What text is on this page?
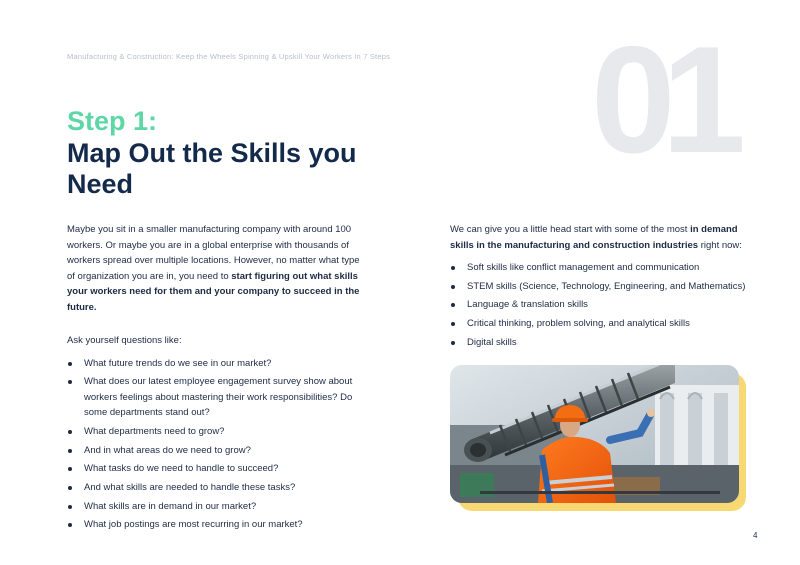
Manufacturing & Construction: Keep the Wheels Spinning & Upskill Your Workers In 7 Steps 01
Step 1:
Map Out the Skills you Need

Maybe you sit in a smaller manufacturing company with around 100 workers. Or maybe you are in a global enterprise with thousands of workers spread over multiple locations. However, no matter what type of organization you are in, you need to start figuring out what skills your workers need for them and your company to succeed in the future.

Ask yourself questions like:

What future trends do we see in our market?
What does our latest employee engagement survey show about workers feelings about mastering their work responsibilities? Do some departments stand out?
What departments need to grow?
And in what areas do we need to grow?
What tasks do we need to handle to succeed?
And what skills are needed to handle these tasks?
What skills are in demand in our market?
What job postings are most recurring in our market?

We can give you a little head start with some of the most in demand skills in the manufacturing and construction industries right now:

Soft skills like conflict management and communication
STEM skills (Science, Technology, Engineering, and Mathematics)
Language & translation skills
Critical thinking, problem solving, and analytical skills
Digital skills
4
